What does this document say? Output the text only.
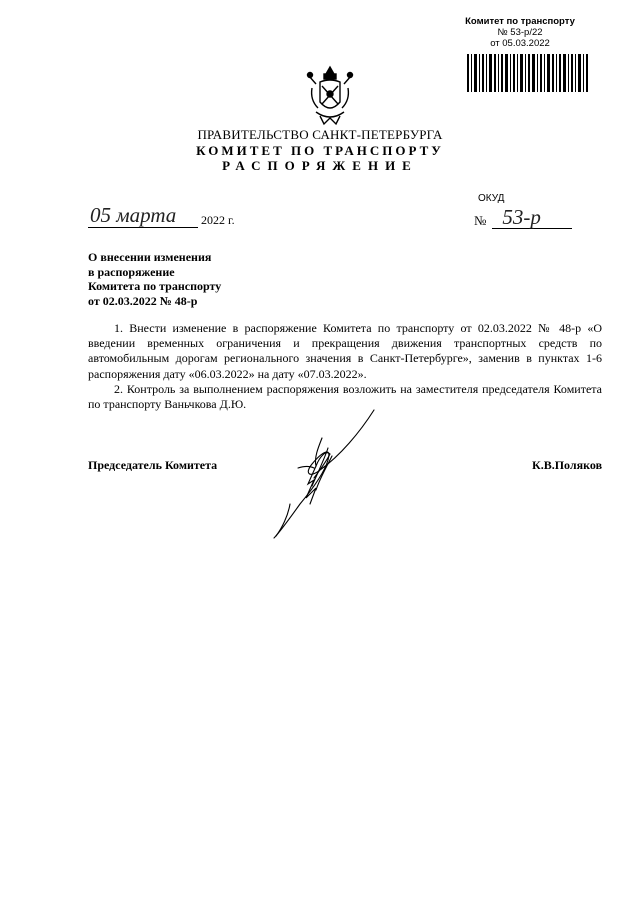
Комитет по транспорту
№ 53-р/22
от 05.03.2022
ПРАВИТЕЛЬСТВО САНКТ-ПЕТЕРБУРГА
КОМИТЕТ ПО ТРАНСПОРТУ
РАСПОРЯЖЕНИЕ
ОКУД
05 марта 2022 г.	№ 53-р
О внесении изменения
в распоряжение
Комитета по транспорту
от 02.03.2022 № 48-р

1. Внести изменение в распоряжение Комитета по транспорту от 02.03.2022 № 48-р «О введении временных ограничения и прекращения движения транспортных средств по автомобильным дорогам регионального значения в Санкт-Петербурге», заменив в пунктах 1-6 распоряжения дату «06.03.2022» на дату «07.03.2022».

2. Контроль за выполнением распоряжения возложить на заместителя председателя Комитета по транспорту Ваньчкова Д.Ю.

Председатель Комитета	К.В.Поляков
